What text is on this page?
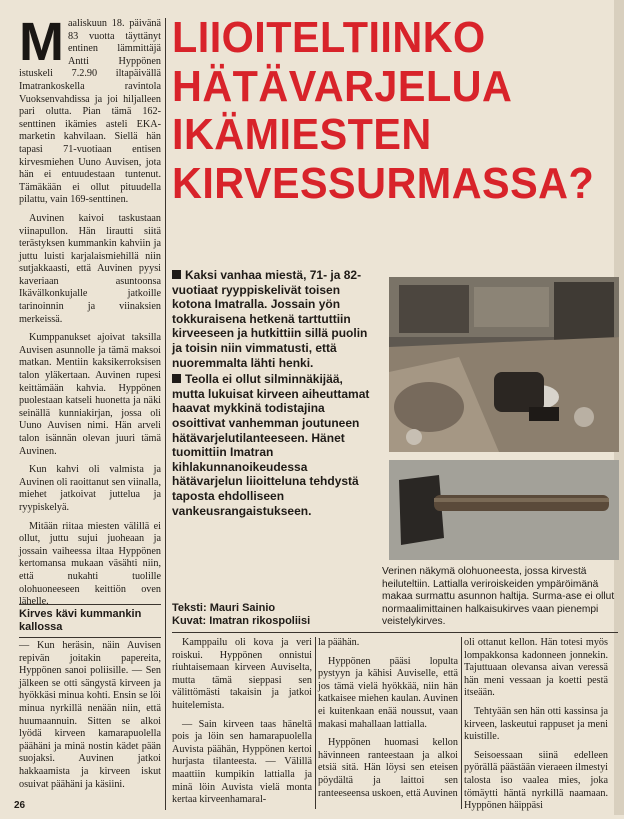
Maaliskuun 18. päivänä 83 vuotta täyttänyt entinen lämmittäjä Antti Hyppönen istuskeli 7.2.90 iltapäivällä Imatrankoskella ravintola Vuoksenvahdissa ja joi hiljalleen pari olutta. Pian tämä 162-senttinen ikämies asteli EKA-marketin kahvilaan. Siellä hän tapasi 71-vuotiaan entisen kirvesmiehen Uuno Auvisen, jota hän ei entuudestaan tuntenut. Tämäkään ei ollut pituudella pilattu, vain 169-senttinen.

Auvinen kaivoi taskustaan viinapullon. Hän lirautti siitä terästyksen kummankin kahviin ja juttu luisti karjalaismiehillä niin sutjakkaasti, että Auvinen pyysi kaveriaan asuntoonsa Ikävälkonkujalle jatkoille tarinoinnin ja viinaksien merkeissä.

Kumppanukset ajoivat taksilla Auvisen asunnolle ja tämä maksoi matkan. Mentiin kaksikerroksisen talon yläkertaan. Auvinen rupesi keittämään kahvia. Hyppönen puolestaan katseli huonetta ja näki seinällä kunniakirjan, jossa oli Uuno Auvisen nimi. Hän arveli talon isännän olevan juuri tämä Auvinen.

Kun kahvi oli valmista ja Auvinen oli raoittanut sen viinalla, miehet jatkoivat juttelua ja ryypiskelyä.

Mitään riitaa miesten välillä ei ollut, juttu sujui juoheaan ja jossain vaiheessa iltaa Hyppönen kertomansa mukaan väsähti niin, että nukahti tuolille olohuoneeseen keittiön oven lähelle.

Kirves kävi kummankin kallossa

— Kun heräsin, näin Auvisen repivän joitakin papereita, Hyppönen sanoi poliisille. — Sen jälkeen se otti sängystä kirveen ja hyökkäsi minua kohti. Ensin se löi minua nyrkillä nenään niin, että huumaannuin. Sitten se alkoi lyödä kirveen kamarapuolella päähäni ja minä nostin kädet pään suojaksi. Auvinen jatkoi hakkaamista ja kirveen iskut osuivat päähäni ja käsiini.

LIIOITELTIINKO
HÄTÄVARJELUA
IKÄMIESTEN
KIRVESSURMASSA?

Kaksi vanhaa miestä, 71- ja 82-vuotiaat ryyppiskelivät toisen kotona Imatralla. Jossain yön tokkuraisena hetkenä tarttuttiin kirveeseen ja hutkittiin sillä puolin ja toisin niin vimmatusti, että nuoremmalta lähti henki.

Teolla ei ollut silminnäkijää, mutta lukuisat kirveen aiheuttamat haavat mykkinä todistajina osoittivat vanhemman joutuneen hätävarjelutilanteeseen. Hänet tuomittiin Imatran kihlakunnanoikeudessa hätävarjelun liioitteluna tehdystä taposta ehdolliseen vankeusrangaistukseen.

Verinen näkymä olohuoneesta, jossa kirvestä heiluteltiin. Lattialla veriroiskeiden ympäröimänä makaa surmattu asunnon haltija. Surma-ase ei ollut normaalimittainen halkaisukirves vaan pienempi veistelykirves.
Teksti: Mauri Sainio
Kuvat: Imatran rikospoliisi

Kamppailu oli kova ja veri roiskui. Hyppönen onnistui riuhtaisemaan kirveen Auviselta, mutta tämä sieppasi sen välittömästi takaisin ja jatkoi huitelemista.

— Sain kirveen taas häneltä pois ja löin sen hamarapuolella Auvista päähän, Hyppönen kertoi hurjasta tilanteesta. — Välillä maattiin kumpikin lattialla ja minä löin Auvista vielä monta kertaa kirveenhamaral-

la päähän.

Hyppönen pääsi lopulta pystyyn ja kähisi Auviselle, että jos tämä vielä hyökkää, niin hän katkaisee miehen kaulan. Auvinen ei kuitenkaan enää noussut, vaan makasi mahallaan lattialla.

Hyppönen huomasi kellon hävinneen ranteestaan ja alkoi etsiä sitä. Hän löysi sen eteisen pöydältä ja laittoi sen ranteeseensa uskoen, että Auvinen

oli ottanut kellon. Hän totesi myös lompakkonsa kadonneen jonnekin. Tajuttuaan olevansa aivan veressä hän meni vessaan ja koetti pestä itseään.

Tehtyään sen hän otti kassinsa ja kirveen, laskeutui rappuset ja meni kuistille.

Seisoessaan siinä edelleen pyörällä päästään vieraeen ilmestyi talosta iso vaalea mies, joka tömäytti häntä nyrkillä naamaan. Hyppönen häippäsi

26
